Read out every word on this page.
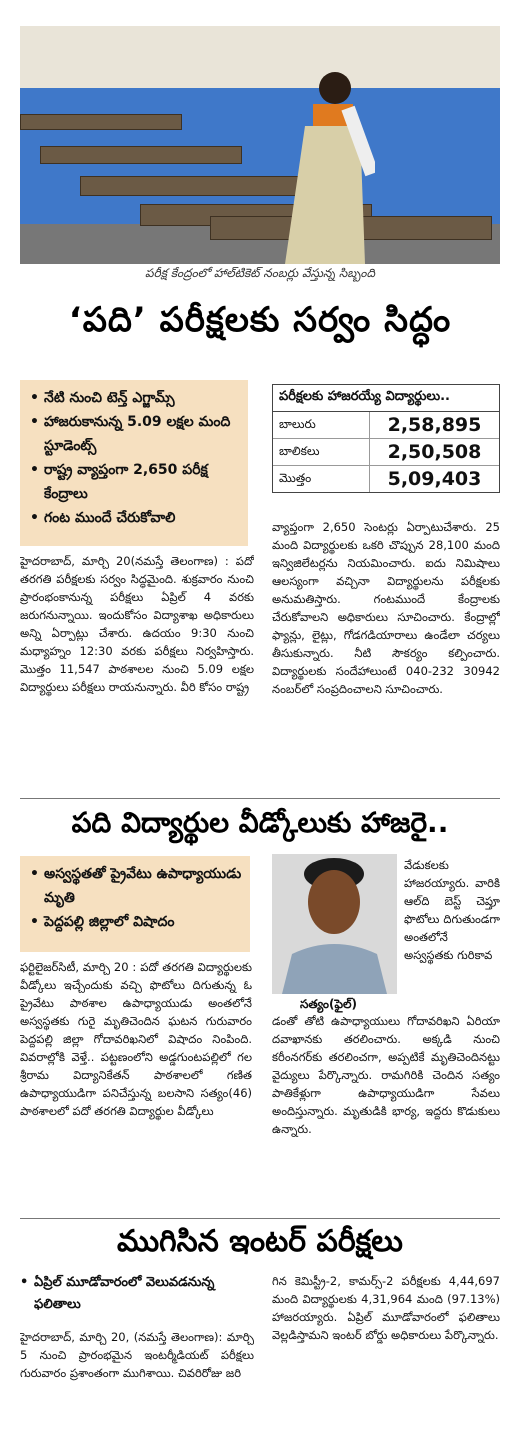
పరీక్ష కేంద్రంలో హాల్‌టికెట్ నంబర్లు వేస్తున్న సిబ్బంది
‘పది’ పరీక్షలకు సర్వం సిద్ధం
• నేటి నుంచి టెన్త్ ఎగ్జామ్స్
• హాజరుకానున్న 5.09 లక్షల మంది స్టూడెంట్స్
• రాష్ట్ర వ్యాప్తంగా 2,650 పరీక్ష కేంద్రాలు
• గంట ముందే చేరుకోవాలి
పరీక్షలకు హాజరయ్యే విద్యార్థులు..
బాలురు	2,58,895
బాలికలు	2,50,508
మొత్తం	5,09,403
హైదరాబాద్, మార్చి 20(నమస్తే తెలంగాణ) : పదో తరగతి పరీక్షలకు సర్వం సిద్ధమైంది. శుక్రవారం నుంచి ప్రారంభంకానున్న పరీక్షలు ఏప్రిల్ 4 వరకు జరుగనున్నాయి. ఇందుకోసం విద్యాశాఖ అధికారులు అన్ని ఏర్పాట్లు చేశారు. ఉదయం 9:30 నుంచి మధ్యాహ్నం 12:30 వరకు పరీక్షలు నిర్వహిస్తారు. మొత్తం 11,547 పాఠశాలల నుంచి 5.09 లక్షల విద్యార్థులు పరీక్షలు రాయనున్నారు. వీరి కోసం రాష్ట్ర
వ్యాప్తంగా 2,650 సెంటర్లు ఏర్పాటుచేశారు. 25 మంది విద్యార్థులకు ఒకరి చొప్పున 28,100 మంది ఇన్విజిలేటర్లను నియమించారు. ఐదు నిమిషాలు ఆలస్యంగా వచ్చినా విద్యార్థులను పరీక్షలకు అనుమతిస్తారు. గంటముందే కేంద్రాలకు చేరుకోవాలని అధికారులు సూచించారు. కేంద్రాల్లో ఫ్యాన్లు, లైట్లు, గోడగడియారాలు ఉండేలా చర్యలు తీసుకున్నారు. నీటి సౌకర్యం కల్పించారు. విద్యార్థులకు సందేహాలుంటే 040-232 30942 నంబర్‌లో సంప్రదించాలని సూచించారు.
పది విద్యార్థుల వీడ్కోలుకు హాజరై..
• అస్వస్థతతో ప్రైవేటు ఉపాధ్యాయుడు మృతి
• పెద్దపల్లి జిల్లాలో విషాదం
సత్యం(ఫైల్)
వేడుకలకు హాజరయ్యారు. వారికి ఆల్‌ది బెస్ట్ చెప్తూ ఫొటోలు దిగుతుండగా అంతలోనే అస్వస్థతకు గురికావ
ఫర్టిలైజర్‌సిటీ, మార్చి 20 : పదో తరగతి విద్యార్థులకు వీడ్కోలు ఇచ్చేందుకు వచ్చి ఫొటోలు దిగుతున్న ఓ ప్రైవేటు పాఠశాల ఉపాధ్యాయుడు అంతలోనే అస్వస్థతకు గురై మృతిచెందిన ఘటన గురువారం పెద్దపల్లి జిల్లా గోదావరిఖనిలో విషాదం నింపింది. వివరాల్లోకి వెళ్తే.. పట్టణంలోని అడ్డగుంటపల్లిలో గల శ్రీరామ విద్యానికేతన్ పాఠశాలలో గణిత ఉపాధ్యాయుడిగా పనిచేస్తున్న బలసాని సత్యం(46) పాఠశాలలో పదో తరగతి విద్యార్థుల వీడ్కోలు
డంతో తోటి ఉపాధ్యాయులు గోదావరిఖని ఏరియా దవాఖానకు తరలించారు. అక్కడి నుంచి కరీంనగర్‌కు తరలించగా, అప్పటికే మృతిచెందినట్టు వైద్యులు పేర్కొన్నారు. రామగిరికి చెందిన సత్యం పాతికేళ్లుగా ఉపాధ్యాయుడిగా సేవలు అందిస్తున్నారు. మృతుడికి భార్య, ఇద్దరు కొడుకులు ఉన్నారు.
ముగిసిన ఇంటర్ పరీక్షలు
• ఏప్రిల్ మూడోవారంలో వెలువడనున్న ఫలితాలు
హైదరాబాద్, మార్చి 20, (నమస్తే తెలంగాణ): మార్చి 5 నుంచి ప్రారంభమైన ఇంటర్మీడియట్ పరీక్షలు గురువారం ప్రశాంతంగా ముగిశాయి. చివరిరోజు జరి
గిన కెమిస్ట్రీ-2, కామర్స్-2 పరీక్షలకు 4,44,697 మంది విద్యార్థులకు 4,31,964 మంది (97.13%) హాజరయ్యారు. ఏప్రిల్ మూడోవారంలో ఫలితాలు వెల్లడిస్తామని ఇంటర్ బోర్డు అధికారులు పేర్కొన్నారు.
